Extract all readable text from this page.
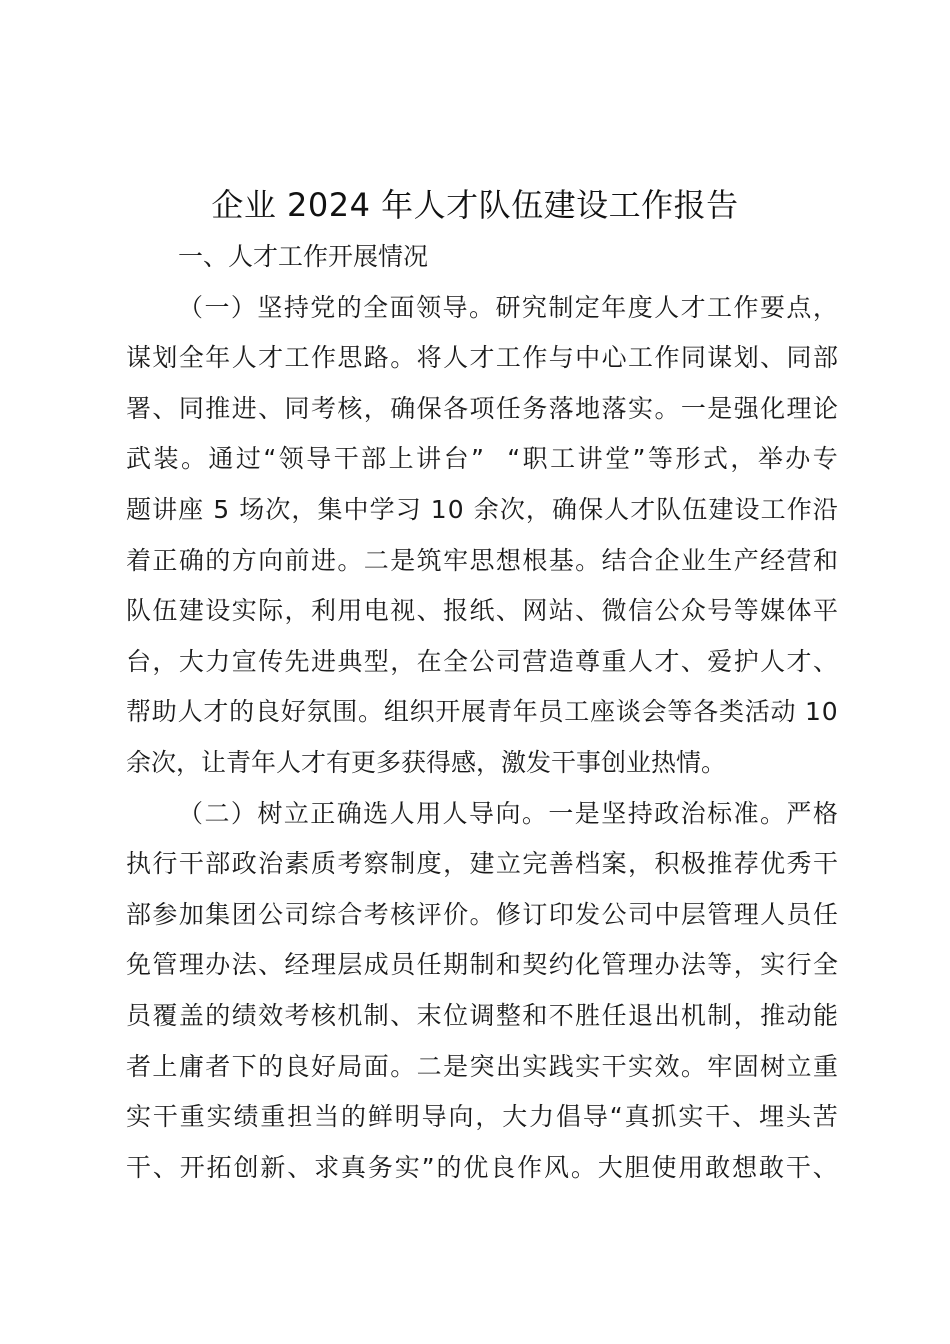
企业 2024 年人才队伍建设工作报告
一、人才工作开展情况
（ 一 ） 坚 持 党 的 全 面 领 导 。 研 究 制 定 年 度 人 才 工 作 要 点 ，
谋 划 全 年 人 才 工 作 思 路 。 将 人 才 工 作 与 中 心 工 作 同 谋 划 、 同 部
署 、 同 推 进 、 同 考 核 ， 确 保 各 项 任 务 落 地 落 实 。 一 是 强 化 理 论
武 装 。 通 过 “ 领 导 干 部 上 讲 台 ”

“ 职 工 讲 堂 ” 等 形 式 ， 举 办 专
题 讲 座
5
场 次 ， 集 中 学 习
1 0
余 次 ， 确 保 人 才 队 伍 建 设 工 作 沿
着 正 确 的 方 向 前 进 。 二 是 筑 牢 思 想 根 基 。 结 合 企 业 生 产 经 营 和
队 伍 建 设 实 际 ， 利 用 电 视 、 报 纸 、 网 站 、 微 信 公 众 号 等 媒 体 平
台 ， 大 力 宣 传 先 进 典 型 ， 在 全 公 司 营 造 尊 重 人 才 、 爱 护 人 才 、
帮 助 人 才 的 良 好 氛 围 。 组 织 开 展 青 年 员 工 座 谈 会 等 各 类 活 动
1 0
余次，让青年人才有更多获得感，激发干事创业热情。
（ 二 ） 树 立 正 确 选 人 用 人 导 向 。 一 是 坚 持 政 治 标 准 。 严 格
执 行 干 部 政 治 素 质 考 察 制 度 ， 建 立 完 善 档 案 ， 积 极 推 荐 优 秀 干
部 参 加 集 团 公 司 综 合 考 核 评 价 。 修 订 印 发 公 司 中 层 管 理 人 员 任
免 管 理 办 法 、 经 理 层 成 员 任 期 制 和 契 约 化 管 理 办 法 等 ， 实 行 全
员 覆 盖 的 绩 效 考 核 机 制 、 末 位 调 整 和 不 胜 任 退 出 机 制 ， 推 动 能
者 上 庸 者 下 的 良 好 局 面 。 二 是 突 出 实 践 实 干 实 效 。 牢 固 树 立 重
实 干 重 实 绩 重 担 当 的 鲜 明 导 向 ， 大 力 倡 导 “ 真 抓 实 干 、 埋 头 苦
干 、 开 拓 创 新 、 求 真 务 实 ” 的 优 良 作 风 。 大 胆 使 用 敢 想 敢 干 、
